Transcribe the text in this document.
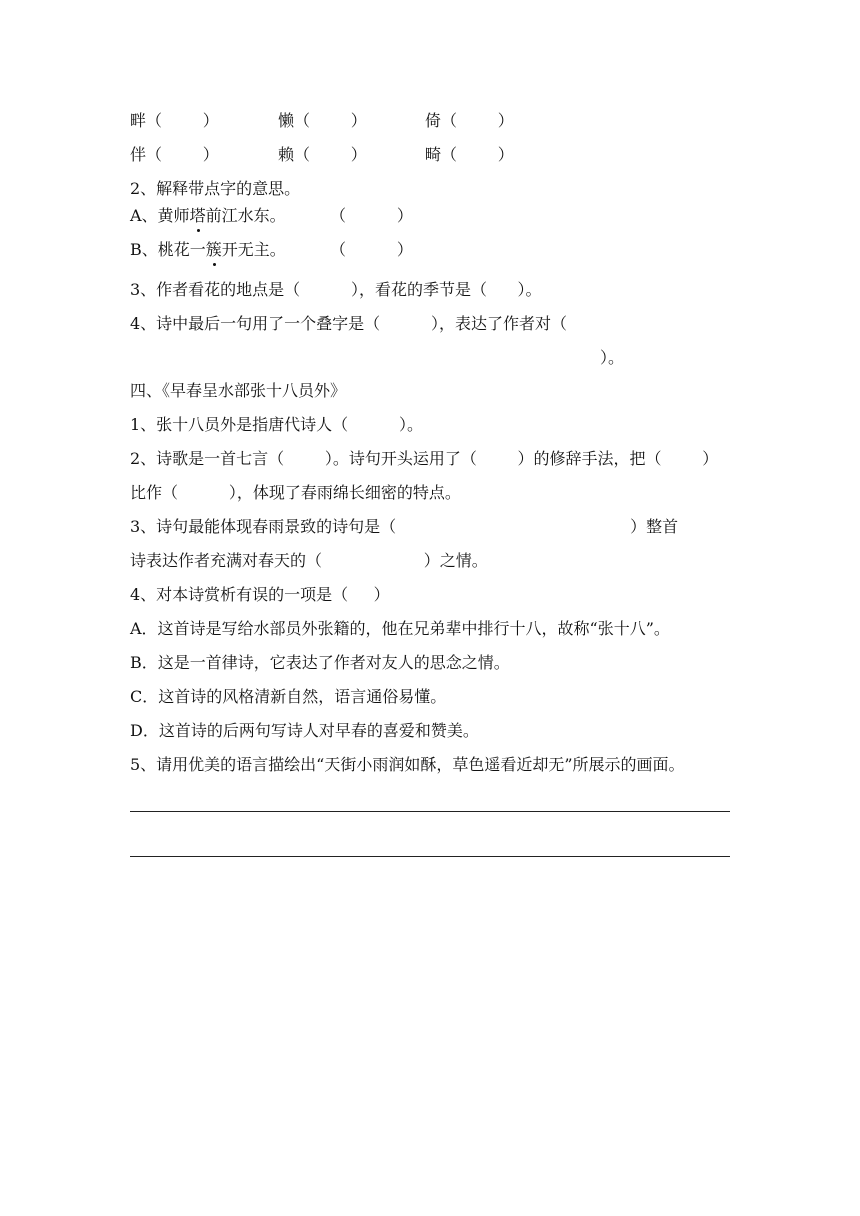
畔（        ）	懒（        ）	倚（        ）
伴（        ）	赖（        ）	畸（        ）
2、解释带点字的意思。
A、黄师塔前江水东。	（          ）
B、桃花一簇开无主。	（          ）
3、作者看花的地点是（          ），看花的季节是（      ）。
4、诗中最后一句用了一个叠字是（          ），表达了作者对（
）。
四、《早春呈水部张十八员外》
1、张十八员外是指唐代诗人（          ）。
2、诗歌是一首七言（        ）。诗句开头运用了（        ）的修辞手法，把（        ）
比作（          ），体现了春雨绵长细密的特点。
3、诗句最能体现春雨景致的诗句是（                                              ）整首
诗表达作者充满对春天的（                    ）之情。
4、对本诗赏析有误的一项是（     ）
A．这首诗是写给水部员外张籍的，他在兄弟辈中排行十八，故称“张十八”。
B．这是一首律诗，它表达了作者对友人的思念之情。
C．这首诗的风格清新自然，语言通俗易懂。
D．这首诗的后两句写诗人对早春的喜爱和赞美。
5、请用优美的语言描绘出“天街小雨润如酥，草色遥看近却无”所展示的画面。
